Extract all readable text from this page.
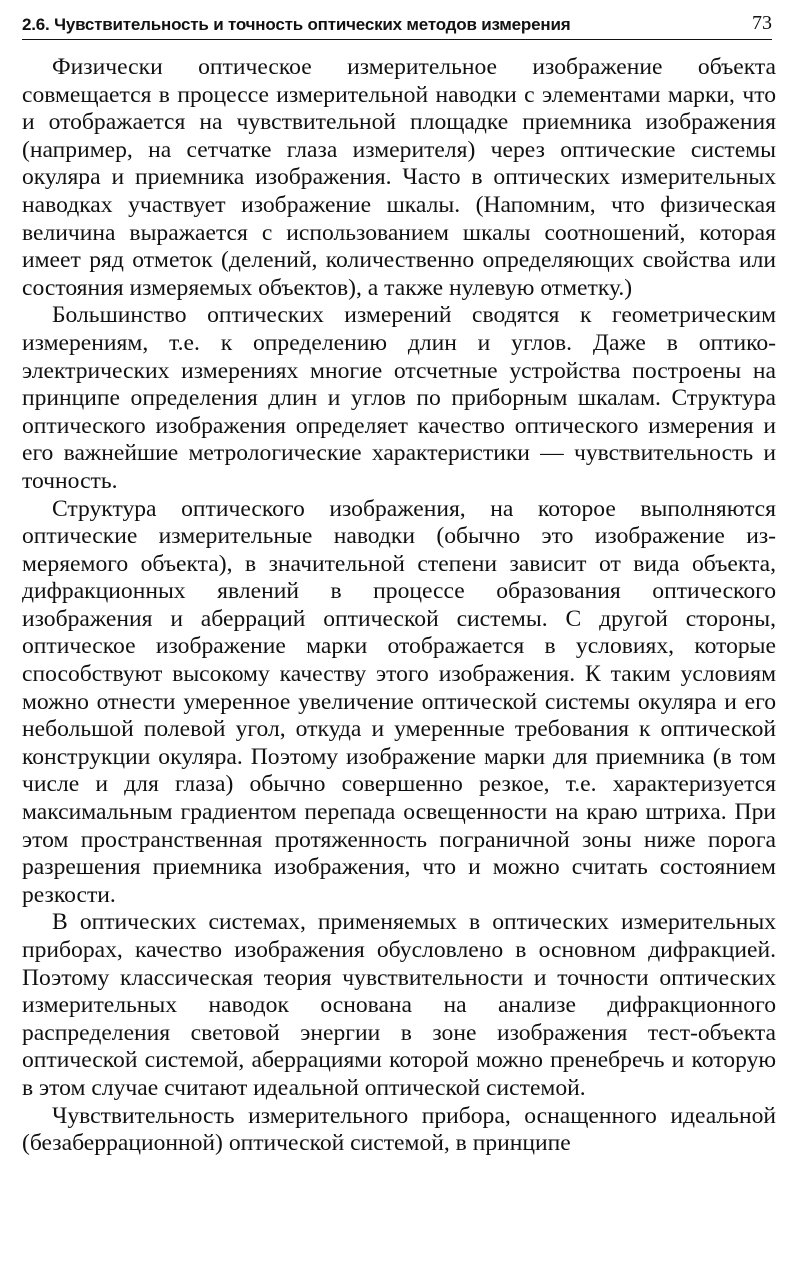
2.6. Чувствительность и точность оптических методов измерения	73

Физически оптическое измерительное изображение объекта совмещается в процессе измерительной наводки с элементами марки, что и отображается на чувствительной площадке приемника изображения (например, на сетчатке глаза измерителя) через оптические системы окуляра и приемника изображения. Часто в оптических измерительных наводках участвует изображение шкалы. (Напомним, что физическая величина выражается с использованием шкалы соотношений, которая имеет ряд отметок (делений, количественно определяющих свойства или состояния измеряемых объектов), а также нулевую отметку.)

Большинство оптических измерений сводятся к геометрическим измерениям, т.е. к определению длин и углов. Даже в оптикоэлектрических измерениях многие отсчетные устройства построены на принципе определения длин и углов по приборным шкалам. Структура оптического изображения определяет качество оптического измерения и его важнейшие метрологические характеристики — чувствительность и точность.

Структура оптического изображения, на которое выполняются оптические измерительные наводки (обычно это изображение измеряемого объекта), в значительной степени зависит от вида объекта, дифракционных явлений в процессе образования оптического изображения и аберраций оптической системы. С другой стороны, оптическое изображение марки отображается в условиях, которые способствуют высокому качеству этого изображения. К таким условиям можно отнести умеренное увеличение оптической системы окуляра и его небольшой полевой угол, откуда и умеренные требования к оптической конструкции окуляра. Поэтому изображение марки для приемника (в том числе и для глаза) обычно совершенно резкое, т.е. характеризуется максимальным градиентом перепада освещенности на краю штриха. При этом пространственная протяженность пограничной зоны ниже порога разрешения приемника изображения, что и можно считать состоянием резкости.

В оптических системах, применяемых в оптических измерительных приборах, качество изображения обусловлено в основном дифракцией. Поэтому классическая теория чувствительности и точности оптических измерительных наводок основана на анализе дифракционного распределения световой энергии в зоне изображения тест-объекта оптической системой, аберрациями которой можно пренебречь и которую в этом случае считают идеальной оптической системой.

Чувствительность измерительного прибора, оснащенного идеальной (безаберрационной) оптической системой, в принципе
